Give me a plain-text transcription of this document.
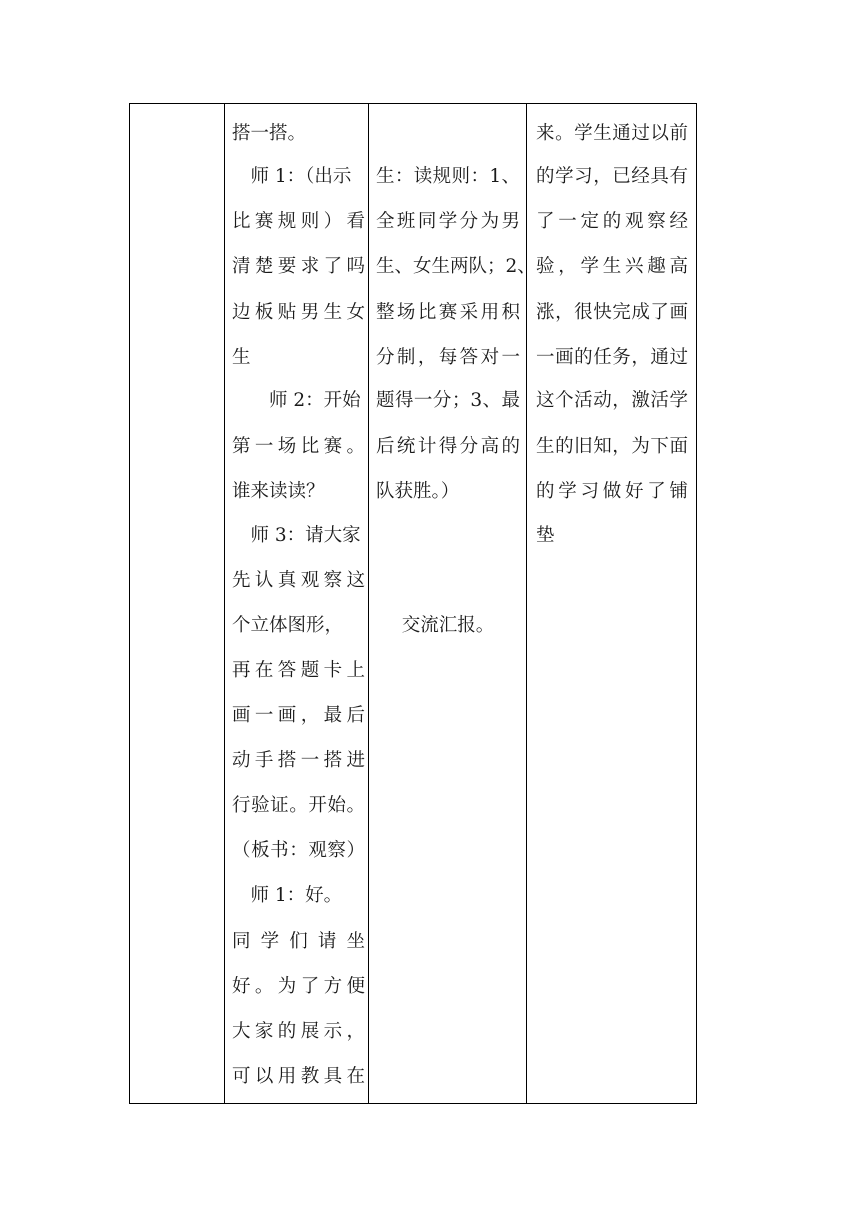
搭一搭。
　师 1：（出示
比赛规则）看
清楚要求了吗
边板贴男生女
生
　　师 2：开始
第一场比赛。
谁来读读？
　师 3：请大家
先认真观察这
个立体图形，
再在答题卡上
画一画，最后
动手搭一搭进
行验证。开始。
（板书：观察）
　师 1：好。
同 学 们 请 坐
好。为了方便
大家的展示，
可以用教具在
生：读规则：1、
全班同学分为男
生、女生两队；2、
整场比赛采用积
分制，每答对一
题得一分；3、最
后统计得分高的
队获胜。）
交流汇报。
来。学生通过以前
的学习，已经具有
了一定的观察经
验，学生兴趣高
涨，很快完成了画
一画的任务，通过
这个活动，激活学
生的旧知，为下面
的学习做好了铺
垫
